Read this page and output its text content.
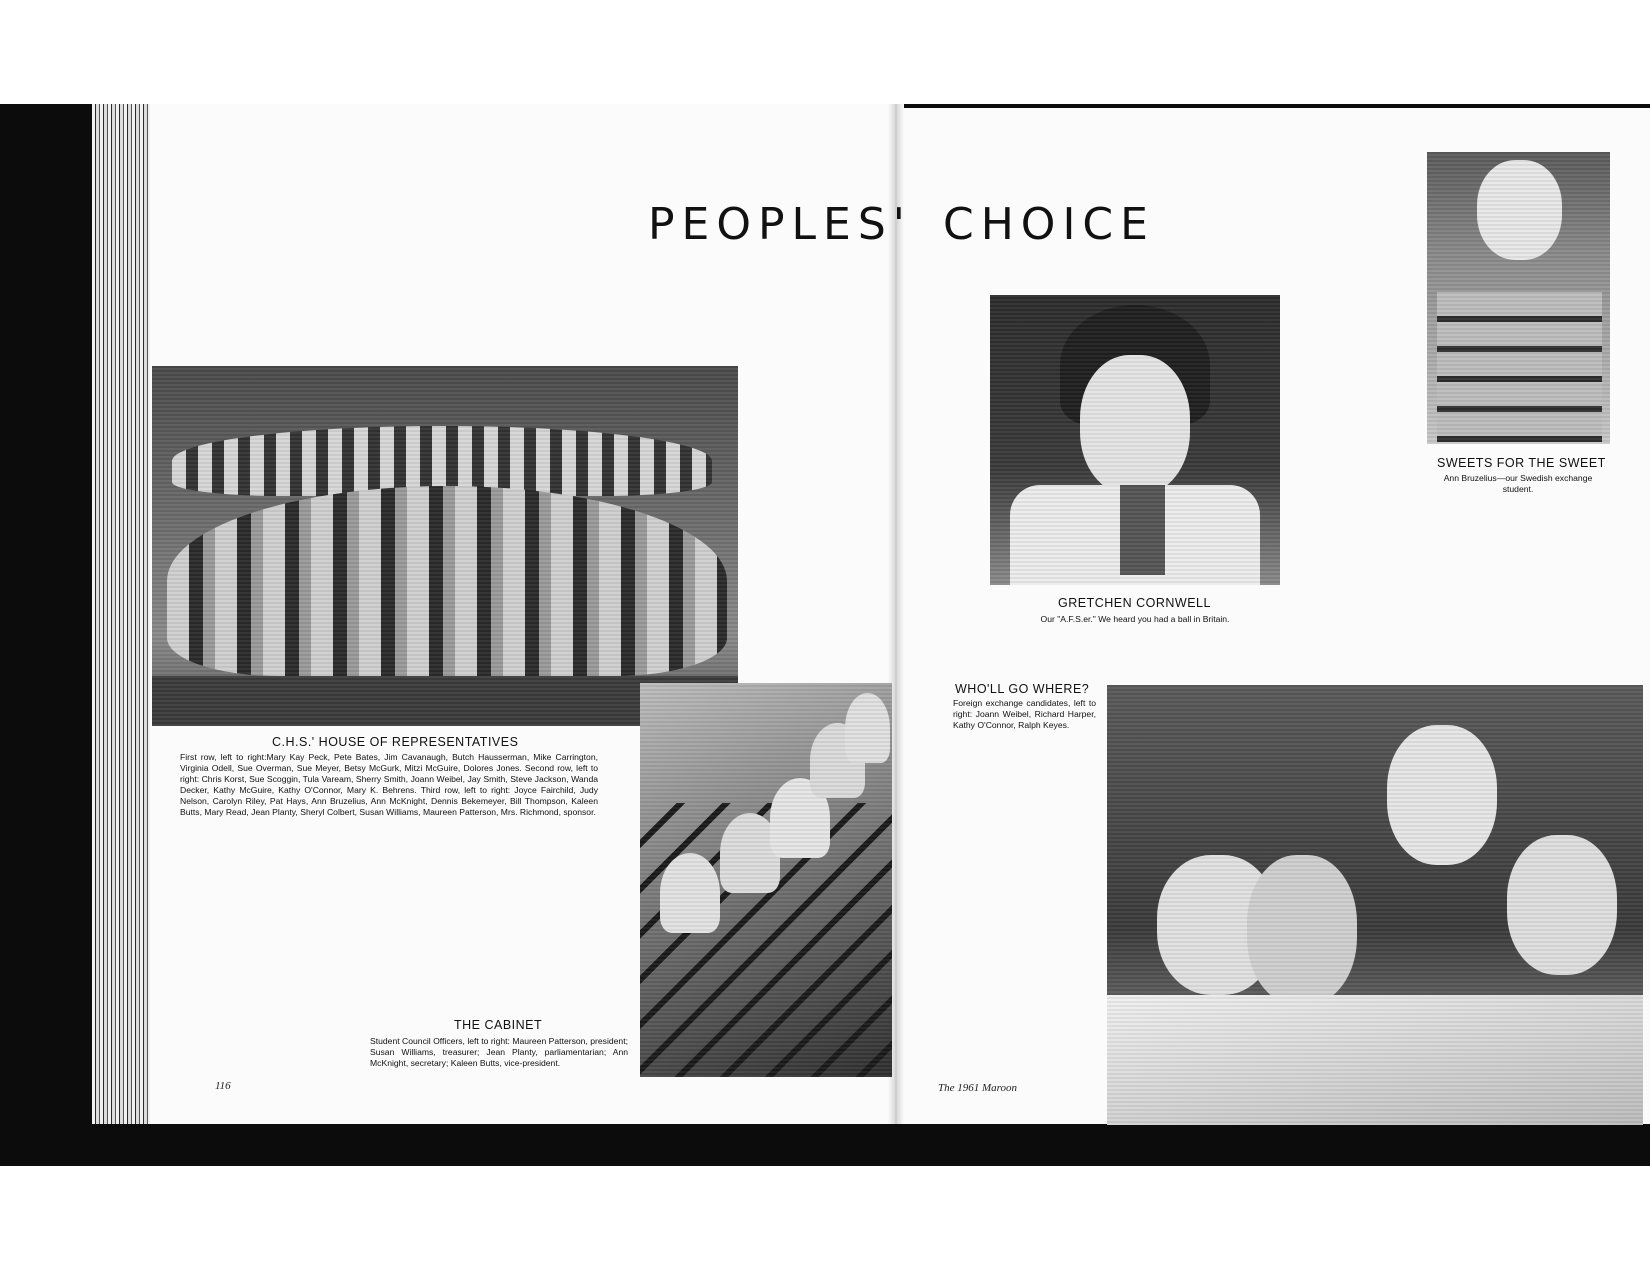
PEOPLES' CHOICE
C.H.S.' HOUSE OF REPRESENTATIVES
First row, left to right:Mary Kay Peck, Pete Bates, Jim Cavanaugh, Butch Hausserman, Mike Carrington, Virginia Odell, Sue Overman, Sue Meyer, Betsy McGurk, Mitzi McGuire, Dolores Jones. Second row, left to right: Chris Korst, Sue Scoggin, Tula Vaream, Sherry Smith, Joann Weibel, Jay Smith, Steve Jackson, Wanda Decker, Kathy McGuire, Kathy O'Connor, Mary K. Behrens. Third row, left to right: Joyce Fairchild, Judy Nelson, Carolyn Riley, Pat Hays, Ann Bruzelius, Ann McKnight, Dennis Bekemeyer, Bill Thompson, Kaleen Butts, Mary Read, Jean Planty, Sheryl Colbert, Susan Williams, Maureen Patterson, Mrs. Richmond, sponsor.
THE CABINET
Student Council Officers, left to right: Maureen Patterson, president; Susan Williams, treasurer; Jean Planty, parliamentarian; Ann McKnight, secretary; Kaleen Butts, vice-president.
116	The 1961 Maroon
GRETCHEN CORNWELL
Our "A.F.S.er." We heard you had a ball in Britain.
SWEETS FOR THE SWEET
Ann Bruzelius—our Swedish exchange student.
WHO'LL GO WHERE?
Foreign exchange candidates, left to right: Joann Weibel, Richard Harper, Kathy O'Connor, Ralph Keyes.
